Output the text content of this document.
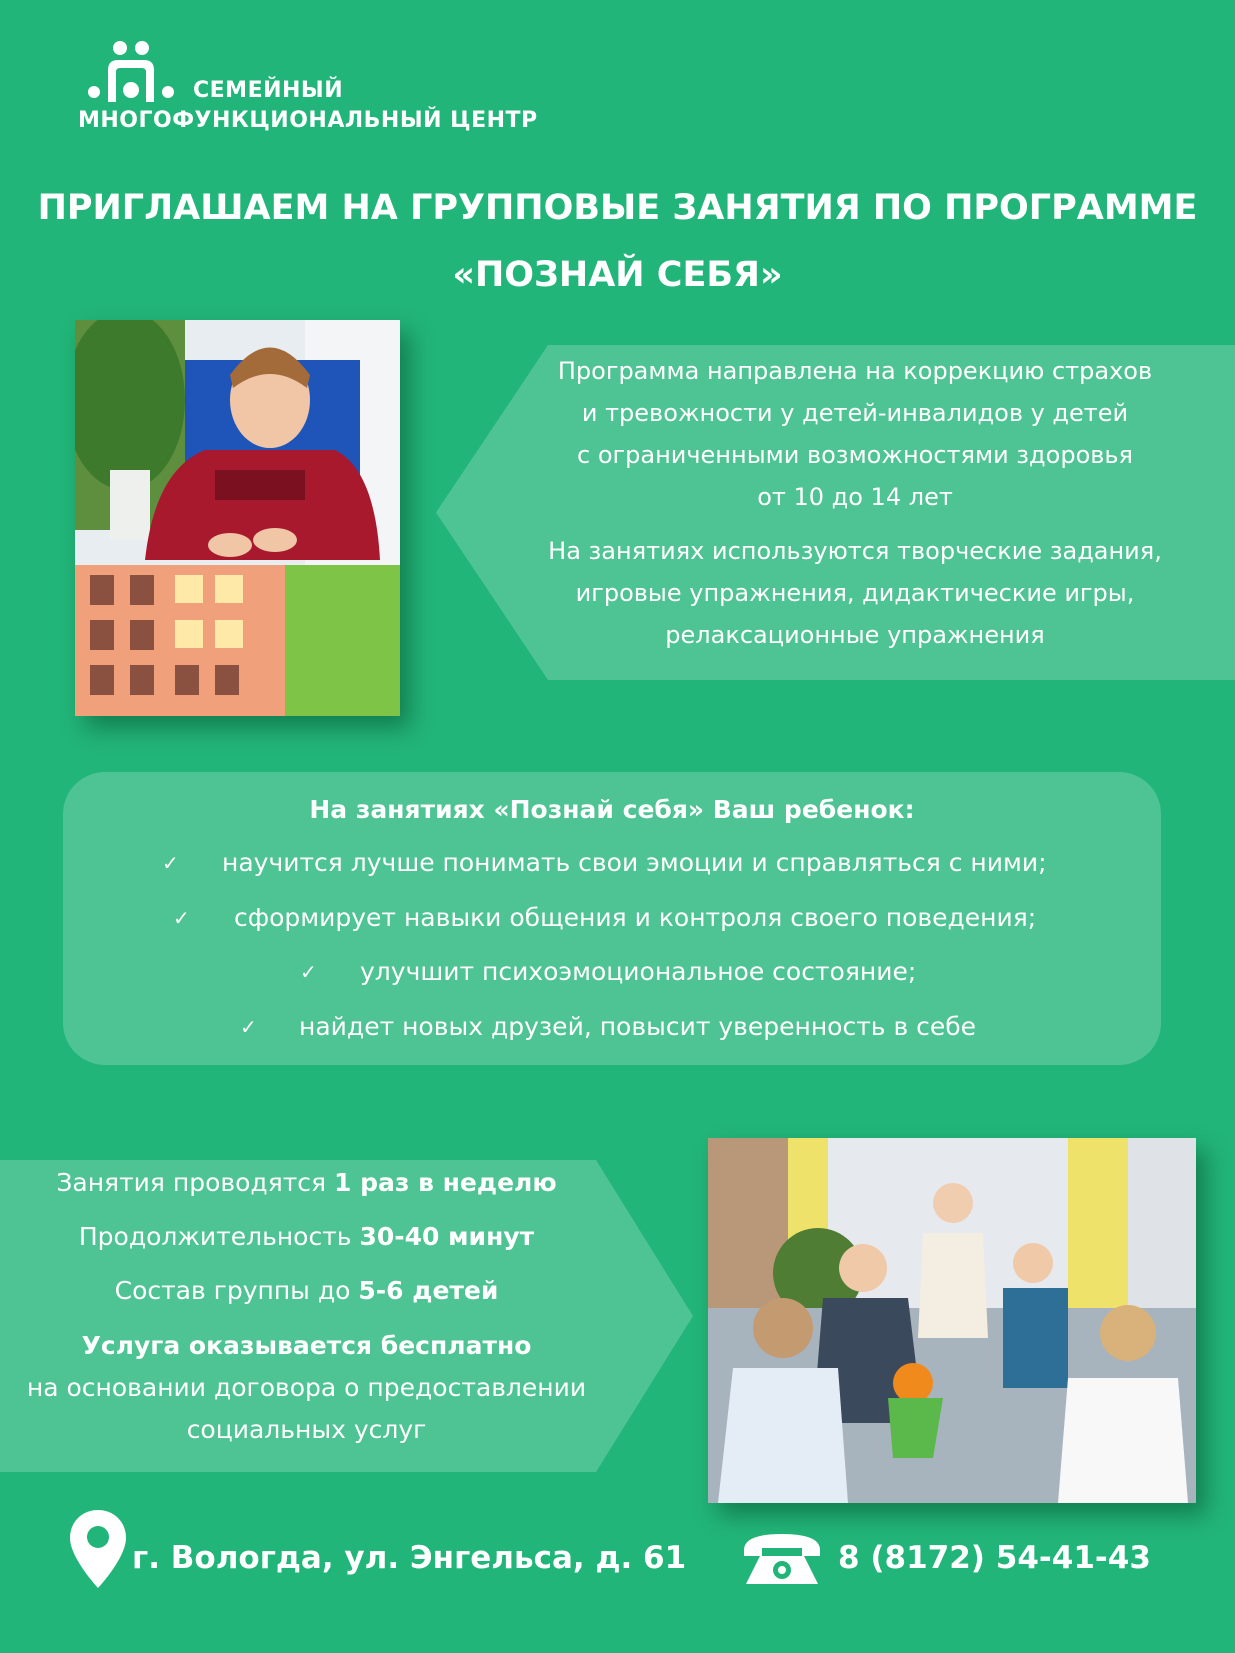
СЕМЕЙНЫЙ
МНОГОФУНКЦИОНАЛЬНЫЙ ЦЕНТР
ПРИГЛАШАЕМ НА ГРУППОВЫЕ ЗАНЯТИЯ ПО ПРОГРАММЕ
«ПОЗНАЙ СЕБЯ»
Программа направлена на коррекцию страхов
и тревожности у детей-инвалидов у детей
с ограниченными возможностями здоровья
от 10 до 14 лет
На занятиях используются творческие задания,
игровые упражнения, дидактические игры,
релаксационные упражнения
На занятиях «Познай себя» Ваш ребенок:
✓ научится лучше понимать свои эмоции и справляться с ними;
✓ сформирует навыки общения и контроля своего поведения;
✓ улучшит психоэмоциональное состояние;
✓ найдет новых друзей, повысит уверенность в себе
Занятия проводятся 1 раз в неделю
Продолжительность 30-40 минут
Состав группы до 5-6 детей
Услуга оказывается бесплатно
на основании договора о предоставлении
социальных услуг
г. Вологда, ул. Энгельса, д. 61	8 (8172) 54-41-43
